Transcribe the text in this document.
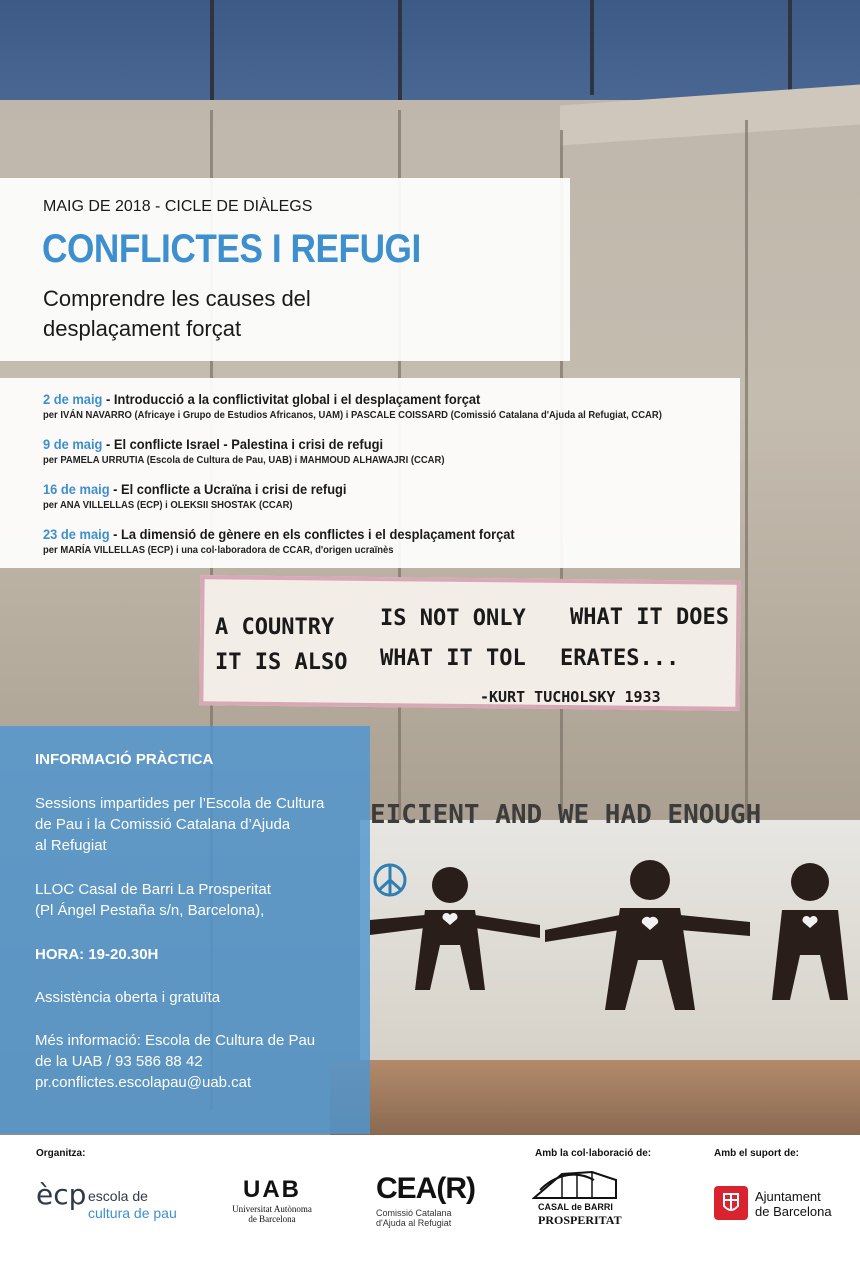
A COUNTRY IS NOT ONLY WHAT IT DOES
IT IS ALSO WHAT IT TOL ERATES...
-KURT TUCHOLSKY 1933
EICIENT AND WE HAD ENOUGH
MAIG DE 2018 - CICLE DE DIÀLEGS
CONFLICTES I REFUGI
Comprendre les causes del
desplaçament forçat
2 de maig - Introducció a la conflictivitat global i el desplaçament forçat
per IVÁN NAVARRO (Africaye i Grupo de Estudios Africanos, UAM) i PASCALE COISSARD (Comissió Catalana d'Ajuda al Refugiat, CCAR)
9 de maig - El conflicte Israel - Palestina i crisi de refugi
per PAMELA URRUTIA (Escola de Cultura de Pau, UAB) i MAHMOUD ALHAWAJRI (CCAR)
16 de maig - El conflicte a Ucraïna i crisi de refugi
per ANA VILLELLAS (ECP) i OLEKSII SHOSTAK (CCAR)
23 de maig - La dimensió de gènere en els conflictes i el desplaçament forçat
per MARÍA VILLELLAS (ECP) i una col·laboradora de CCAR, d'origen ucraïnès
INFORMACIÓ PRÀCTICA
Sessions impartides per l’Escola de Cultura
de Pau i la Comissió Catalana d’Ajuda
al Refugiat
LLOC Casal de Barri La Prosperitat
(Pl Ángel Pestaña s/n, Barcelona),
HORA: 19-20.30H
Assistència oberta i gratuïta
Més informació: Escola de Cultura de Pau
de la UAB / 93 586 88 42
pr.conflictes.escolapau@uab.cat
Organitza:	Amb la col·laboració de:	Amb el suport de:
ècp escola de
cultura de pau
UAB
Universitat Autònoma
de Barcelona
CEA(R)
Comissió Catalana
d'Ajuda al Refugiat
CASAL de BARRI
PROSPERITAT
Ajuntament
de Barcelona
